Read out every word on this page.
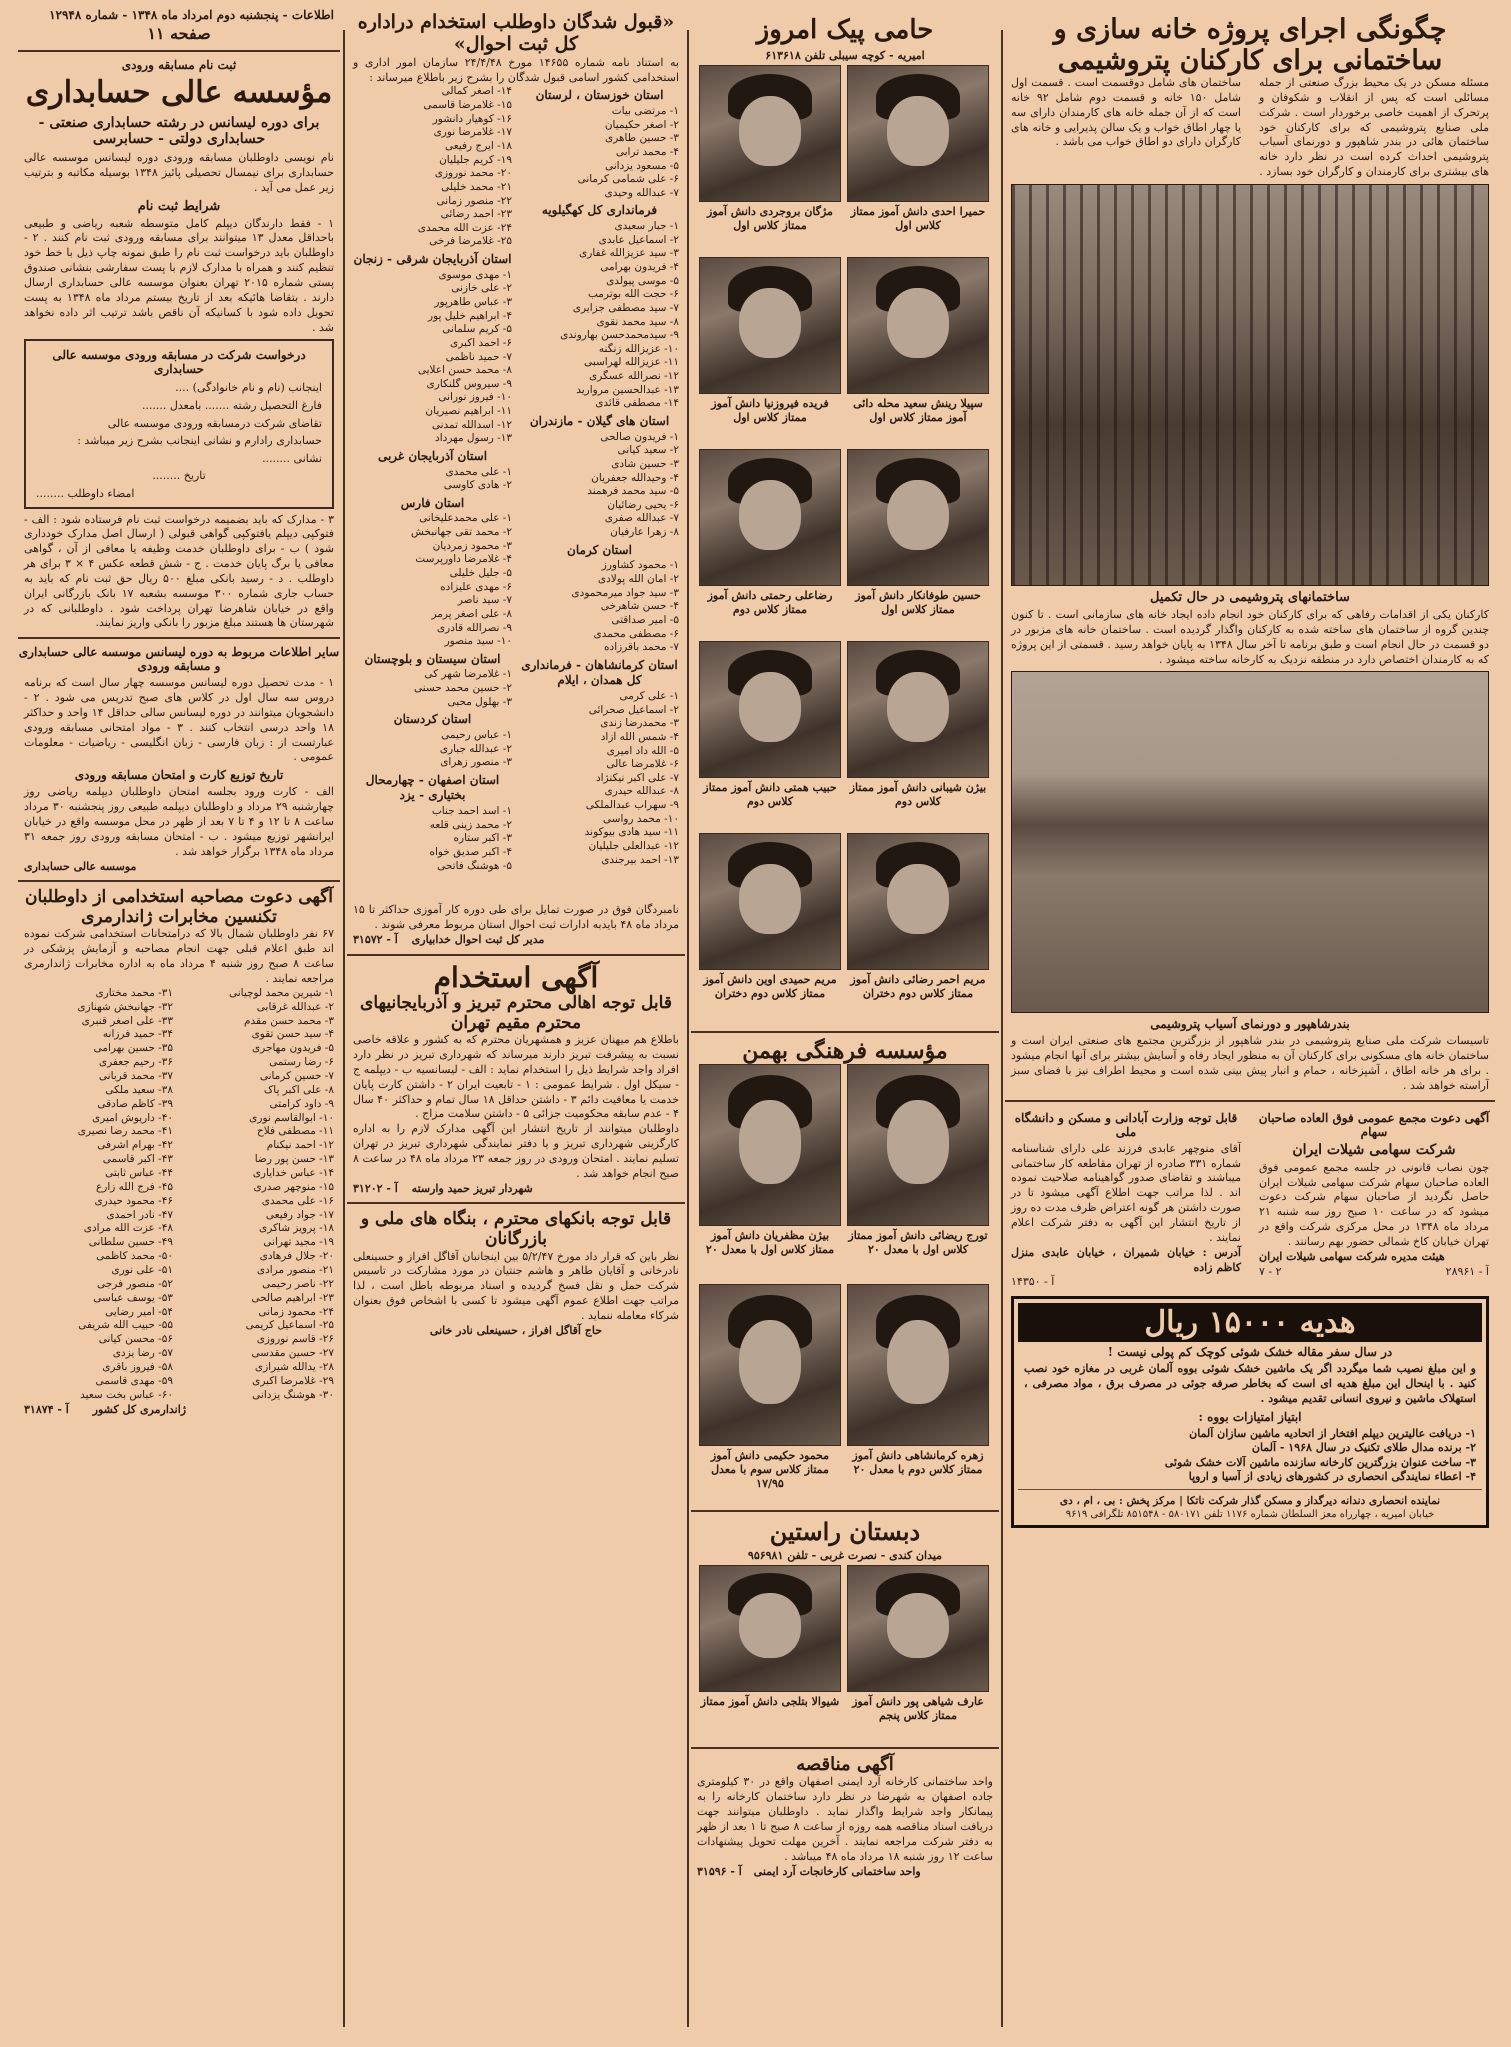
اطلاعات - پنجشنبه دوم امرداد ماه ۱۳۴۸ - شماره ۱۲۹۴۸
صفحه ۱۱
ثبت نام مسابقه ورودی
مؤسسه عالی حسابداری
برای دوره لیسانس در رشته حسابداری صنعتی - حسابداری دولتی - حسابرسی
نام نویسی داوطلبان مسابقه ورودی دوره لیسانس موسسه عالی حسابداری برای نیمسال تحصیلی پائیز ۱۳۴۸ بوسیله مکاتبه و بترتیب زیر عمل می آید .
شرایط ثبت نام
۱ - فقط دارندگان دیپلم کامل متوسطه شعبه ریاضی و طبیعی باحداقل معدل ۱۳ میتوانند برای مسابقه ورودی ثبت نام کنند . ۲ - داوطلبان باید درخواست ثبت نام را طبق نمونه چاپ ذیل با خط خود تنظیم کنند و همراه با مدارک لازم با پست سفارشی بنشانی صندوق پستی شماره ۲۰۱۵ تهران بعنوان موسسه عالی حسابداری ارسال دارند . بتقاضا هائیکه بعد از تاریخ بیستم مرداد ماه ۱۳۴۸ به پست تحویل داده شود با کسانیکه آن ناقص باشد ترتیب اثر داده نخواهد شد .
درخواست شرکت در مسابقه ورودی موسسه عالی حسابداری
اینجانب (نام و نام خانوادگی) ....
فارغ التحصیل رشته ....... بامعدل .......
تقاضای شرکت درمسابقه ورودی موسسه عالی
حسابداری رادارم و نشانی اینجانب بشرح زیر میباشد :
نشانی ........
تاریخ ........
امضاء داوطلب ........
۳ - مدارک که باید بضمیمه درخواست ثبت نام فرستاده شود : الف - فتوکپی دیپلم یافتوکپی گواهی قبولی ( ارسال اصل مدارک خودداری شود ) ب - برای داوطلبان خدمت وظیفه یا معافی از آن ، گواهی معافی یا برگ پایان خدمت . ج - شش قطعه عکس ۴ × ۳ برای هر داوطلب . د - رسید بانکی مبلغ ۵۰۰ ریال حق ثبت نام که باید به حساب جاری شماره ۳۰۰ موسسه بشعبه ۱۷ بانک بازرگانی ایران واقع در خیابان شاهرضا تهران پرداخت شود . داوطلبانی که در شهرستان ها هستند مبلغ مزبور را بانکی واریز نمایند.
سایر اطلاعات مربوط به دوره لیسانس موسسه عالی حسابداری و مسابقه ورودی
۱ - مدت تحصیل دوره لیسانس موسسه چهار سال است که برنامه دروس سه سال اول در کلاس های صبح تدریس می شود . ۲ - دانشجویان میتوانند در دوره لیسانس سالی حداقل ۱۴ واحد و حداکثر ۱۸ واحد درسی انتخاب کنند . ۳ - مواد امتحانی مسابقه ورودی عبارتست از : زبان فارسی - زبان انگلیسی - ریاضیات - معلومات عمومی .
تاریخ توزیع کارت و امتحان مسابقه ورودی
الف - کارت ورود بجلسه امتحان داوطلبان دیپلمه ریاضی روز چهارشنبه ۲۹ مرداد و داوطلبان دیپلمه طبیعی روز پنجشنبه ۳۰ مرداد ساعت ۸ تا ۱۲ و ۴ تا ۷ بعد از ظهر در محل موسسه واقع در خیابان ایرانشهر توزیع میشود . ب - امتحان مسابقه ورودی روز جمعه ۳۱ مرداد ماه ۱۳۴۸ برگزار خواهد شد .
موسسه عالی حسابداری
آگهی دعوت مصاحبه استخدامی از داوطلبان تکنسین مخابرات ژاندارمری
۶۷ نفر داوطلبان شمال بالا که درامتحانات استخدامی شرکت نموده اند طبق اعلام قبلی جهت انجام مصاحبه و آزمایش پزشکی در ساعت ۸ صبح روز شنبه ۴ مرداد ماه به اداره مخابرات ژاندارمری مراجعه نمایند .
۱- شیرین محمد لوچیانی
۲- عبدالله غرقابی
۳- محمد حسن مقدم
۴- سید حسن تقوی
۵- فریدون مهاجری
۶- رضا رستمی
۷- حسین کرمانی
۸- علی اکبر پاک
۹- داود کرامتی
۱۰- ابوالقاسم نوری
۱۱- مصطفی فلاح
۱۲- احمد نیکنام
۱۳- حسن پور رضا
۱۴- عباس خدایاری
۱۵- منوچهر صدری
۱۶- علی محمدی
۱۷- جواد رفیعی
۱۸- پرویز شاکری
۱۹- مجید تهرانی
۲۰- جلال فرهادی
۲۱- منصور مرادی
۲۲- ناصر رحیمی
۲۳- ابراهیم صالحی
۲۴- محمود زمانی
۲۵- اسماعیل کریمی
۲۶- قاسم نوروزی
۲۷- حسین مقدسی
۲۸- یدالله شیرازی
۲۹- غلامرضا اکبری
۳۰- هوشنگ یزدانی
۳۱- محمد مختاری
۳۲- جهانبخش شهنازی
۳۳- علی اصغر قنبری
۳۴- حمید فرزانه
۳۵- حسین بهرامی
۳۶- رحیم جعفری
۳۷- محمد قربانی
۳۸- سعید ملکی
۳۹- کاظم صادقی
۴۰- داریوش امیری
۴۱- محمد رضا نصیری
۴۲- بهرام اشرفی
۴۳- اکبر قاسمی
۴۴- عباس ثابتی
۴۵- فرج الله زارع
۴۶- محمود حیدری
۴۷- نادر احمدی
۴۸- عزت الله مرادی
۴۹- حسین سلطانی
۵۰- محمد کاظمی
۵۱- علی نوری
۵۲- منصور فرجی
۵۳- یوسف عباسی
۵۴- امیر رضایی
۵۵- حبیب الله شریفی
۵۶- محسن کیانی
۵۷- رضا یزدی
۵۸- فیروز باقری
۵۹- مهدی قاسمی
۶۰- عباس بخت سعید
ژاندارمری کل کشور آ - ۳۱۸۷۴
«قبول شدگان داوطلب استخدام دراداره کل ثبت احوال»
به استناد نامه شماره ۱۴۶۵۵ مورخ ۲۴/۴/۴۸ سازمان امور اداری و استخدامی کشور اسامی قبول شدگان را بشرح زیر باطلاع میرساند :
استان خوزستان ، لرستان
۱- مرتضی بیات
۲- اصغر حکیمیان
۳- حسین طاهری
۴- محمد ترابی
۵- مسعود یزدانی
۶- علی شمامی کرمانی
۷- عبدالله وحیدی
فرمانداری کل کهگیلویه
۱- جبار سعیدی
۲- اسماعیل عابدی
۳- سید عزیزالله غفاری
۴- فریدون بهرامی
۵- موسی پیولدی
۶- حجت الله بوترمب
۷- سید مصطفی جزایری
۸- سید محمد نقوی
۹- سیدمحمدحسن بهاروندی
۱۰- عزیزالله زنگنه
۱۱- عزیزالله لهراسبی
۱۲- نصرالله عسگری
۱۳- عبدالحسین مروارید
۱۴- مصطفی قائدی
استان های گیلان - مازندران
۱- فریدون صالحی
۲- سعید کیانی
۳- حسین شادی
۴- وحیدالله جعفریان
۵- سید محمد فرهمند
۶- یحیی رضائیان
۷- عبدالله صفری
۸- زهرا عارفیان
استان کرمان
۱- محمود کشاورز
۲- امان الله پولادی
۳- سید جواد میرمحمودی
۴- حسن شاهرخی
۵- امیر صداقتی
۶- مصطفی محمدی
۷- محمد باقرزاده
استان کرمانشاهان - فرمانداری کل همدان ، ایلام
۱- علی کرمی
۲- اسماعیل صحرائی
۳- محمدرضا زندی
۴- شمس الله آزاد
۵- الله داد امیری
۶- غلامرضا عالی
۷- علی اکبر نیکنژاد
۸- عبدالله حیدری
۹- سهراب عبدالملکی
۱۰- محمد رواسی
۱۱- سید هادی بیوکوند
۱۲- عبدالعلی جلیلیان
۱۳- احمد بیرجندی
۱۴- اصغر کمالی
۱۵- غلامرضا قاسمی
۱۶- کوهیار دانشور
۱۷- غلامرضا نوری
۱۸- ایرج رفیعی
۱۹- کریم جلیلیان
۲۰- محمد نوروزی
۲۱- محمد خلیلی
۲۲- منصور زمانی
۲۳- احمد رضائی
۲۴- عزت الله محمدی
۲۵- غلامرضا فرخی
استان آذربایجان شرقی - زنجان
۱- مهدی موسوی
۲- علی خازنی
۳- عباس طاهرپور
۴- ابراهیم خلیل پور
۵- کریم سلمانی
۶- احمد اکبری
۷- حمید ناظمی
۸- محمد حسن اعلایی
۹- سیروس گلنکاری
۱۰- فیروز نورانی
۱۱- ابراهیم نصیریان
۱۲- اسدالله تمدنی
۱۳- رسول مهرداد
استان آذربایجان غربی
۱- علی محمدی
۲- هادی کاوسی
استان فارس
۱- علی محمدعلیخانی
۲- محمد تقی جهانبخش
۳- محمود زمردیان
۴- غلامرضا داورپرست
۵- جلیل خلیلی
۶- مهدی علیزاده
۷- سید ناصر
۸- علی اصغر پرمر
۹- نصرالله قادری
۱۰- سید منصور
استان سیستان و بلوچستان
۱- غلامرضا شهر کی
۲- حسین محمد حسنی
۳- بهلول محبی
استان کردستان
۱- عباس رحیمی
۲- عبدالله جباری
۳- منصور زهرای
استان اصفهان - چهارمحال بختیاری - یزد
۱- اسد احمد جناب
۲- محمد زینی قلعه
۳- اکبر ستاره
۴- اکبر صدیق خواه
۵- هوشنگ فاتحی
نامبردگان فوق در صورت تمایل برای طی دوره کار آموزی حداکثر تا ۱۵ مرداد ماه ۴۸ بایدبه ادارات ثبت احوال استان مربوط معرفی شوند .
مدیر کل ثبت احوال خدابیاری آ - ۳۱۵۷۲
آگهی استخدام
قابل توجه اهالی محترم تبریز و آذربایجانیهای محترم مقیم تهران
باطلاع هم میهنان عزیز و همشهریان محترم که به کشور و علاقه خاصی نسبت به پیشرفت تبریز دارند میرساند که شهرداری تبریز در نظر دارد افراد واجد شرایط ذیل را استخدام نماید : الف - لیسانسیه ب - دیپلمه ج - سیکل اول . شرایط عمومی : ۱ - تابعیت ایران ۲ - داشتن کارت پایان خدمت یا معافیت دائم ۳ - داشتن حداقل ۱۸ سال تمام و حداکثر ۴۰ سال ۴ - عدم سابقه محکومیت جزائی ۵ - داشتن سلامت مزاج .
داوطلبان میتوانند از تاریخ انتشار این آگهی مدارک لازم را به اداره کارگزینی شهرداری تبریز و یا دفتر نمایندگی شهرداری تبریز در تهران تسلیم نمایند . امتحان ورودی در روز جمعه ۲۳ مرداد ماه ۴۸ در ساعت ۸ صبح انجام خواهد شد .
شهردار تبریز حمید وارسته آ - ۳۱۲۰۲
قابل توجه بانکهای محترم ، بنگاه های ملی و بازرگانان
نظر باین که قرار داد مورخ ۵/۲/۴۷ بین اینجانبان آقاگل افراز و حسینعلی نادرخانی و آقایان طاهر و هاشم جنتیان در مورد مشارکت در تاسیس شرکت حمل و نقل فسخ گردیده و اسناد مربوطه باطل است ، لذا مراتب جهت اطلاع عموم آگهی میشود تا کسی با اشخاص فوق بعنوان شرکاء معامله ننماید .
حاج آقاگل افراز ، حسینعلی نادر خانی
حامی پیک امروز
امیریه - کوچه سیبلی تلفن ۶۱۳۶۱۸
حمیرا احدی دانش آموز ممتاز کلاس اول
مژگان بروجردی دانش آموز ممتاز کلاس اول
سپیلا رینش سعید محله دائی آموز ممتاز کلاس اول
فریده فیروزنیا دانش آموز ممتاز کلاس اول
حسین طوفانکار دانش آموز ممتاز کلاس اول
رضاعلی رحمتی دانش آموز ممتاز کلاس دوم
بیژن شیبانی دانش آموز ممتاز کلاس دوم
حبیب همتی دانش آموز ممتاز کلاس دوم
مریم احمر رضائی دانش آموز ممتاز کلاس دوم دختران
مریم حمیدی اوین دانش آموز ممتاز کلاس دوم دختران
مؤسسه فرهنگی بهمن
تورج ریضائی دانش آموز ممتاز کلاس اول با معدل ۲۰
بیژن مظفریان دانش آموز ممتاز کلاس اول با معدل ۲۰
زهره کرمانشاهی دانش آموز ممتاز کلاس دوم با معدل ۲۰
محمود حکیمی دانش آموز ممتاز کلاس سوم با معدل ۱۷/۹۵
دبستان راستین
میدان کندی - نصرت غربی - تلفن ۹۵۶۹۸۱
عارف شیاهی پور دانش آموز ممتاز کلاس پنجم
شیوالا بتلجی دانش آموز ممتاز
آگهی مناقصه
واحد ساختمانی کارخانه آرد ایمنی اصفهان واقع در ۳۰ کیلومتری جاده اصفهان به شهرضا در نظر دارد ساختمان کارخانه را به پیمانکار واجد شرایط واگذار نماید . داوطلبان میتوانند جهت دریافت اسناد مناقصه همه روزه از ساعت ۸ صبح تا ۱ بعد از ظهر به دفتر شرکت مراجعه نمایند . آخرین مهلت تحویل پیشنهادات ساعت ۱۲ روز شنبه ۱۸ مرداد ماه ۴۸ میباشد .
واحد ساختمانی کارخانجات آرد ایمنی آ - ۳۱۵۹۶
چگونگی اجرای پروژه خانه سازی و
ساختمانی برای کارکنان پتروشیمی
مسئله مسکن در یک محیط بزرگ صنعتی از جمله مسائلی است که پس از انقلاب و شکوفان و پرتحرک از اهمیت خاصی برخوردار است . شرکت ملی صنایع پتروشیمی که برای کارکنان خود ساختمان هائی در بندر شاهپور و دورنمای آسیاب پتروشیمی احداث کرده است در نظر دارد خانه های بیشتری برای کارمندان و کارگران خود بسازد .
ساختمان های شامل دوقسمت است . قسمت اول شامل ۱۵۰ خانه و قسمت دوم شامل ۹۲ خانه است که از آن جمله خانه های کارمندان دارای سه یا چهار اطاق خواب و یک سالن پذیرایی و خانه های کارگران دارای دو اطاق خواب می باشد .
ساختمانهای پتروشیمی در حال تکمیل
کارکنان یکی از اقدامات رفاهی که برای کارکنان خود انجام داده ایجاد خانه های سازمانی است . تا کنون چندین گروه از ساختمان های ساخته شده به کارکنان واگذار گردیده است . ساختمان خانه های مزبور در دو قسمت در حال انجام است و طبق برنامه تا آخر سال ۱۳۴۸ به پایان خواهد رسید . قسمتی از این پروژه که به کارمندان اختصاص دارد در منطقه نزدیک به کارخانه ساخته میشود .
بندرشاهپور و دورنمای آسیاب پتروشیمی
تاسیسات شرکت ملی صنایع پتروشیمی در بندر شاهپور از بزرگترین مجتمع های صنعتی ایران است و ساختمان خانه های مسکونی برای کارکنان آن به منظور ایجاد رفاه و آسایش بیشتر برای آنها انجام میشود . برای هر خانه اطاق ، آشپزخانه ، حمام و انبار پیش بینی شده است و محیط اطراف نیز با فضای سبز آراسته خواهد شد .
آگهی دعوت مجمع عمومی فوق العاده صاحبان سهام
شرکت سهامی شیلات ایران
چون نصاب قانونی در جلسه مجمع عمومی فوق العاده صاحبان سهام شرکت سهامی شیلات ایران حاصل نگردید از صاحبان سهام شرکت دعوت میشود که در ساعت ۱۰ صبح روز سه شنبه ۲۱ مرداد ماه ۱۳۴۸ در محل مرکزی شرکت واقع در تهران خیابان کاخ شمالی حضور بهم رسانند .
هیئت مدیره شرکت سهامی شیلات ایران
آ - ۲۸۹۶۱
۲ - ۷
قابل توجه وزارت آبادانی و مسکن و دانشگاه ملی
آقای منوچهر عابدی فرزند علی دارای شناسنامه شماره ۳۳۱ صادره از تهران مقاطعه کار ساختمانی میباشند و تقاضای صدور گواهینامه صلاحیت نموده اند . لذا مراتب جهت اطلاع آگهی میشود تا در صورت داشتن هر گونه اعتراض ظرف مدت ده روز از تاریخ انتشار این آگهی به دفتر شرکت اعلام نمایند .
آدرس : خیابان شمیران ، خیابان عابدی منزل کاظم زاده
آ - ۱۴۳۵۰
هدیه ۱۵۰۰۰ ریال
در سال سفر مقاله خشک شوئی کوچک کم پولی نیست !
و این مبلغ نصیب شما میگردد اگر یک ماشین خشک شوئی بووه آلمان غربی در مغازه خود نصب کنید . با اینحال این مبلغ هدیه ای است که بخاطر صرفه جوئی در مصرف برق ، مواد مصرفی ، استهلاک ماشین و نیروی انسانی تقدیم میشود .
ابتیاز امتیازات بووه :
۱- دریافت عالیترین دیپلم افتخار از اتحادیه ماشین سازان آلمان
۲- برنده مدال طلای تکنیک در سال ۱۹۶۸ - آلمان
۳- ساخت عنوان بزرگترین کارخانه سازنده ماشین آلات خشک شوئی
۴- اعطاء نمایندگی انحصاری در کشورهای زیادی از آسیا و اروپا
نماینده انحصاری دندانه دیرگداز و مسکن گذار شرکت ناتکا | مرکز پخش : بی ، ام ، دی
خیابان امیریه ، چهارراه معز السلطان شماره ۱۱۷۶ تلفن ۵۸۰۱۷۱ - ۸۵۱۵۴۸ تلگرافی ۹۶۱۹
